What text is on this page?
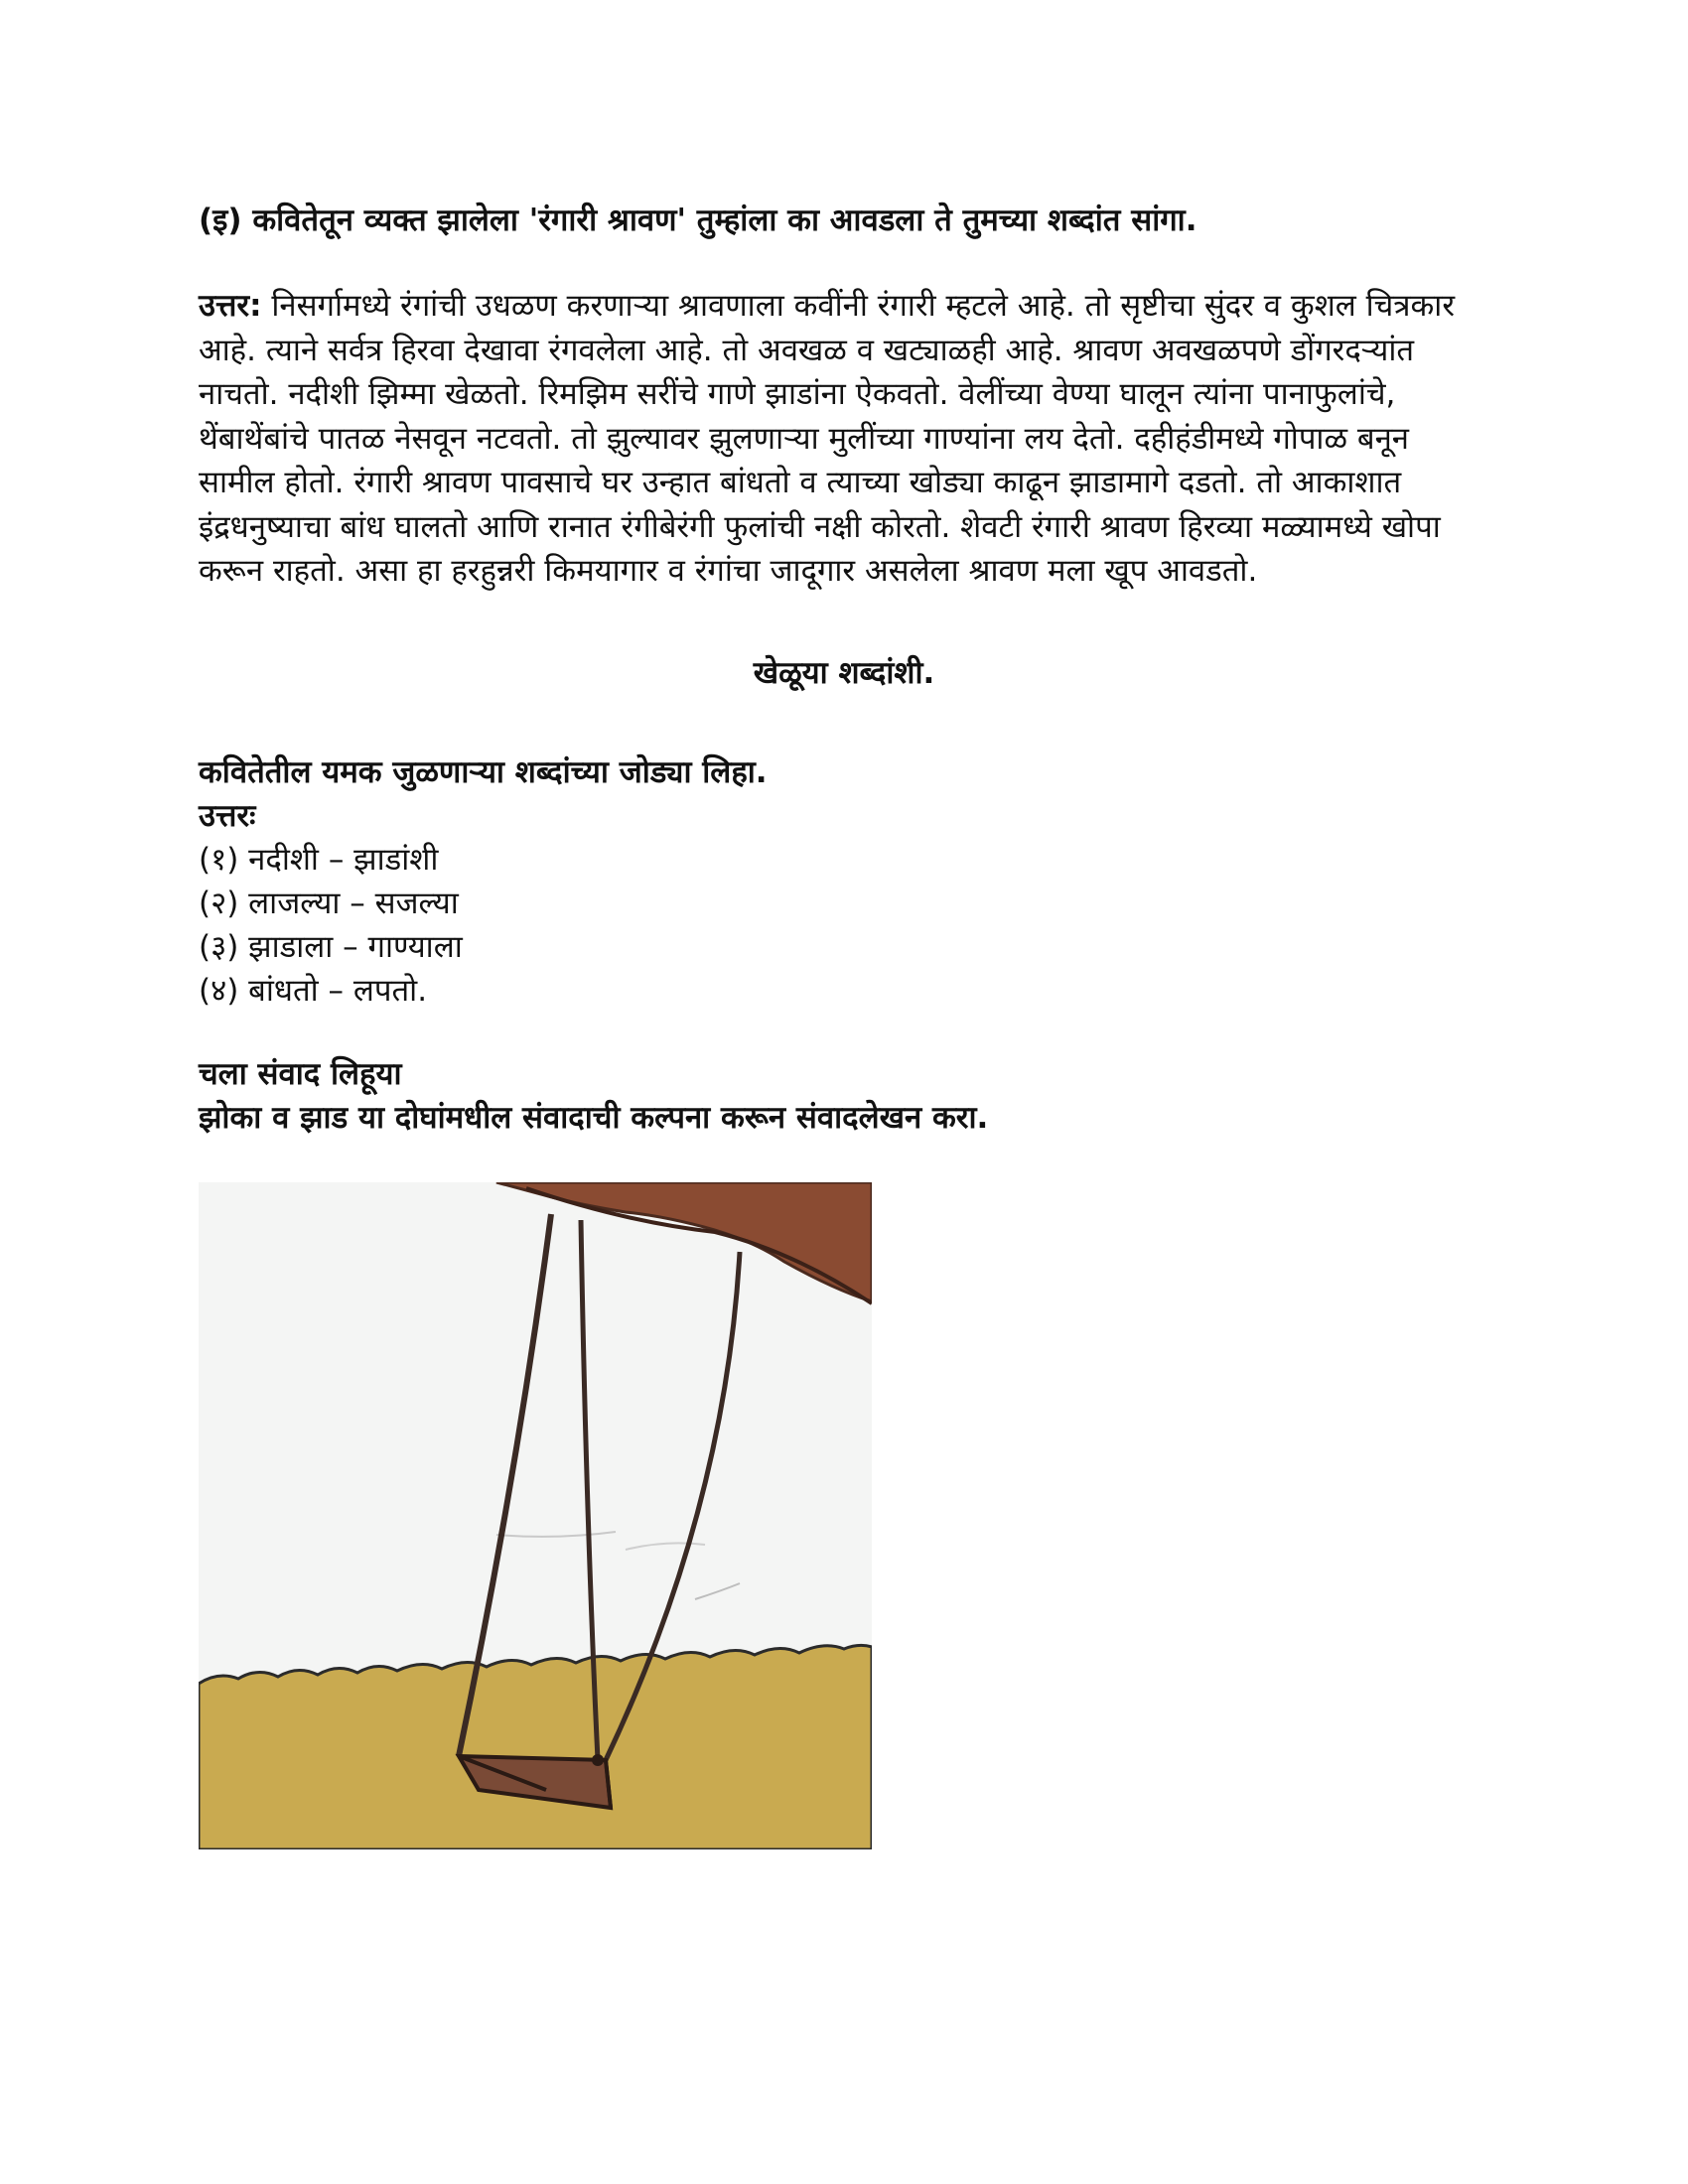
(इ) कवितेतून व्यक्त झालेला 'रंगारी श्रावण' तुम्हांला का आवडला ते तुमच्या शब्दांत सांगा.

उत्तर: निसर्गामध्ये रंगांची उधळण करणाऱ्या श्रावणाला कवींनी रंगारी म्हटले आहे. तो सृष्टीचा सुंदर व कुशल चित्रकार आहे. त्याने सर्वत्र हिरवा देखावा रंगवलेला आहे. तो अवखळ व खट्याळही आहे. श्रावण अवखळपणे डोंगरदऱ्यांत नाचतो. नदीशी झिम्मा खेळतो. रिमझिम सरींचे गाणे झाडांना ऐकवतो. वेलींच्या वेण्या घालून त्यांना पानाफुलांचे, थेंबाथेंबांचे पातळ नेसवून नटवतो. तो झुल्यावर झुलणाऱ्या मुलींच्या गाण्यांना लय देतो. दहीहंडीमध्ये गोपाळ बनून सामील होतो. रंगारी श्रावण पावसाचे घर उन्हात बांधतो व त्याच्या खोड्या काढून झाडामागे दडतो. तो आकाशात इंद्रधनुष्याचा बांध घालतो आणि रानात रंगीबेरंगी फुलांची नक्षी कोरतो. शेवटी रंगारी श्रावण हिरव्या मळ्यामध्ये खोपा करून राहतो. असा हा हरहुन्नरी किमयागार व रंगांचा जादूगार असलेला श्रावण मला खूप आवडतो.

खेळूया शब्दांशी.

कवितेतील यमक जुळणाऱ्या शब्दांच्या जोड्या लिहा.

उत्तरः

(१) नदीशी – झाडांशी
(२) लाजल्या – सजल्या
(३) झाडाला – गाण्याला
(४) बांधतो – लपतो.

चला संवाद लिहूया

झोका व झाड या दोघांमधील संवादाची कल्पना करून संवादलेखन करा.
